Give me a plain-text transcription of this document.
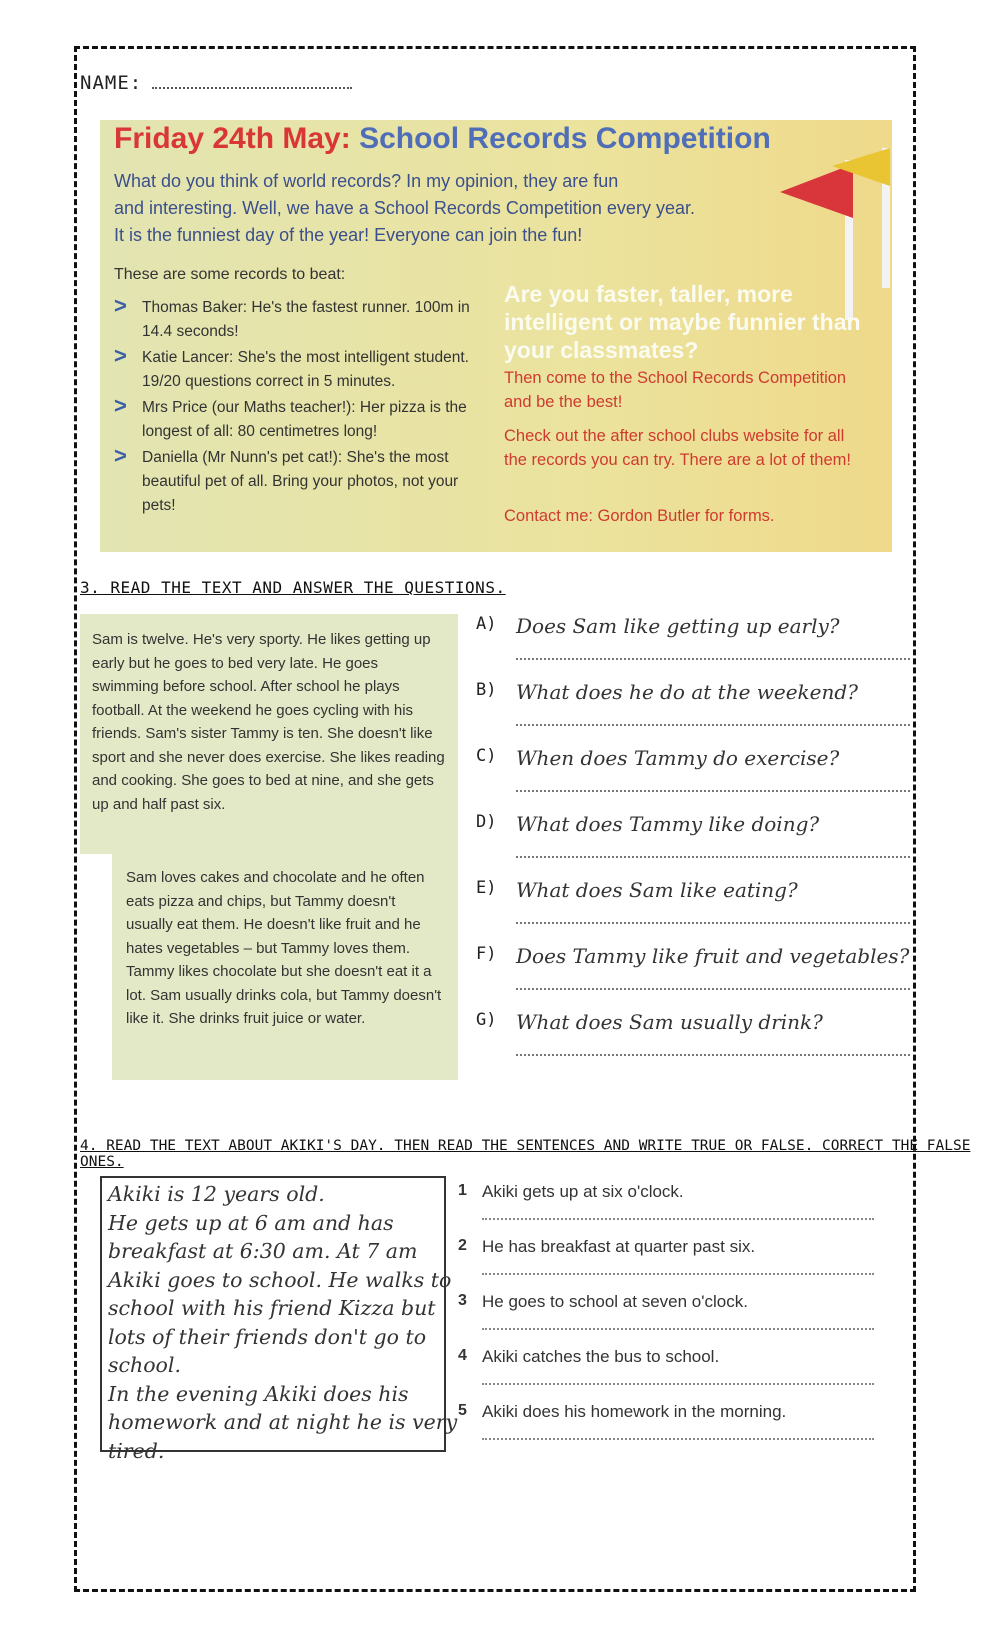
NAME:
Friday 24th May: School Records Competition
What do you think of world records? In my opinion, they are fun
and interesting. Well, we have a School Records Competition every year.
It is the funniest day of the year! Everyone can join the fun!
These are some records to beat:
> Thomas Baker: He's the fastest runner. 100m in 14.4 seconds!
> Katie Lancer: She's the most intelligent student. 19/20 questions correct in 5 minutes.
> Mrs Price (our Maths teacher!): Her pizza is the longest of all: 80 centimetres long!
> Daniella (Mr Nunn's pet cat!): She's the most beautiful pet of all. Bring your photos, not your pets!
Are you faster, taller, more intelligent or maybe funnier than your classmates?
Then come to the School Records Competition and be the best!
Check out the after school clubs website for all the records you can try. There are a lot of them!
Contact me: Gordon Butler for forms.
3. READ THE TEXT AND ANSWER THE QUESTIONS.
Sam is twelve. He's very sporty. He likes getting up early but he goes to bed very late. He goes swimming before school. After school he plays football. At the weekend he goes cycling with his friends. Sam's sister Tammy is ten. She doesn't like sport and she never does exercise. She likes reading and cooking. She goes to bed at nine, and she gets up and half past six.
Sam loves cakes and chocolate and he often eats pizza and chips, but Tammy doesn't usually eat them. He doesn't like fruit and he hates vegetables – but Tammy loves them. Tammy likes chocolate but she doesn't eat it a lot. Sam usually drinks cola, but Tammy doesn't like it. She drinks fruit juice or water.
A) Does Sam like getting up early?
B) What does he do at the weekend?
C) When does Tammy do exercise?
D) What does Tammy like doing?
E) What does Sam like eating?
F) Does Tammy like fruit and vegetables?
G) What does Sam usually drink?
4. READ THE TEXT ABOUT AKIKI'S DAY. THEN READ THE SENTENCES AND WRITE TRUE OR FALSE. CORRECT THE FALSE ONES.
Akiki is 12 years old.
He gets up at 6 am and has
breakfast at 6:30 am. At 7 am
Akiki goes to school. He walks to
school with his friend Kizza but
lots of their friends don't go to
school.
In the evening Akiki does his
homework and at night he is very
tired.
1 Akiki gets up at six o'clock.
2 He has breakfast at quarter past six.
3 He goes to school at seven o'clock.
4 Akiki catches the bus to school.
5 Akiki does his homework in the morning.
